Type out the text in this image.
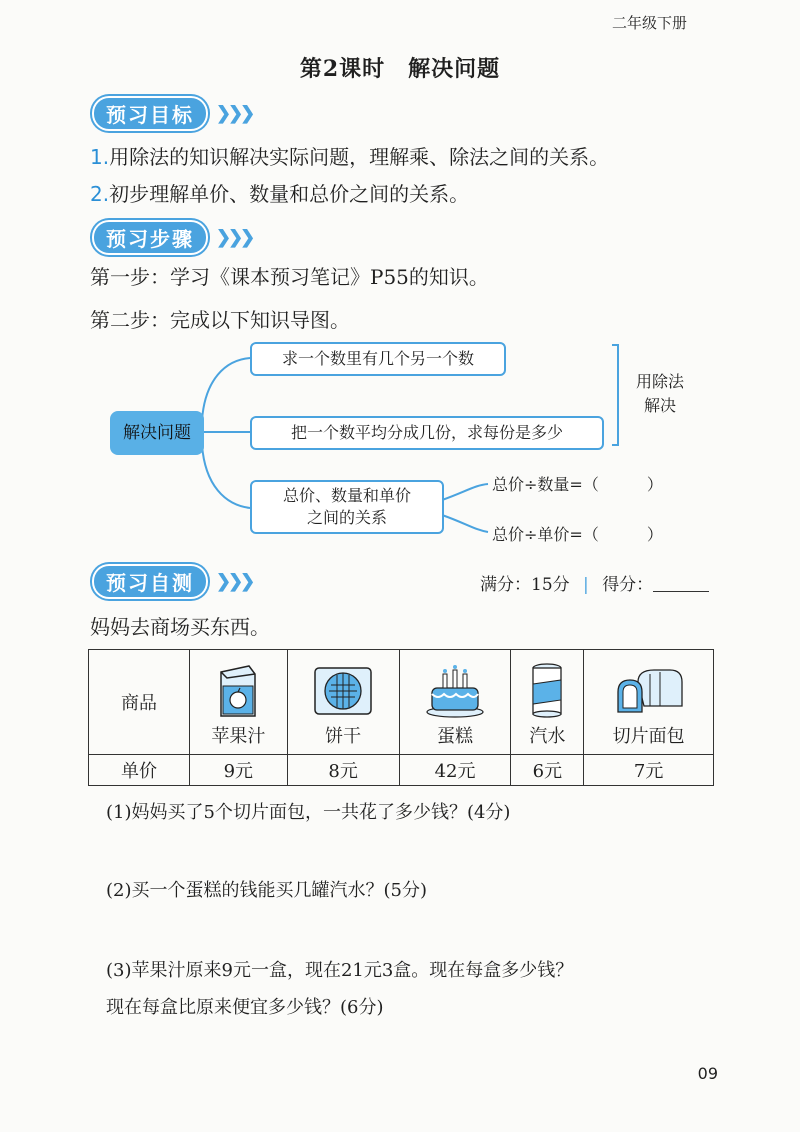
二年级下册
第2课时　解决问题
预习目标	❯❯❯
1.用除法的知识解决实际问题，理解乘、除法之间的关系。
2.初步理解单价、数量和总价之间的关系。
预习步骤	❯❯❯
第一步：学习《课本预习笔记》P55的知识。
第二步：完成以下知识导图。
解决问题
求一个数里有几个另一个数
把一个数平均分成几份，求每份是多少
总价、数量和单价
之间的关系
用除法
解决
总价÷数量=（　　　）
总价÷单价=（　　　）
预习自测	❯❯❯	满分：15分 | 得分：
妈妈去商场买东西。
商品	苹果汁	饼干	蛋糕	汽水	切片面包

单价	9元	8元	42元	6元	7元
(1)妈妈买了5个切片面包，一共花了多少钱？(4分)
(2)买一个蛋糕的钱能买几罐汽水？(5分)
(3)苹果汁原来9元一盒，现在21元3盒。现在每盒多少钱？
现在每盒比原来便宜多少钱？(6分)
09
